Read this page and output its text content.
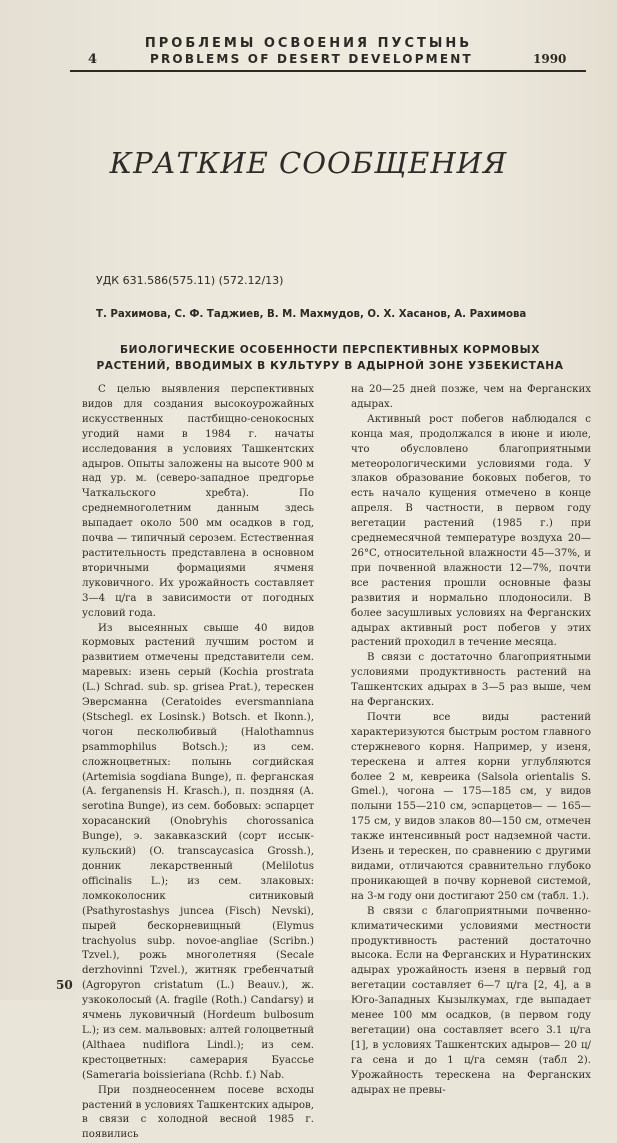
ПРОБЛЕМЫ ОСВОЕНИЯ ПУСТЫНЬ
4	PROBLEMS OF DESERT DEVELOPMENT	1990
КРАТКИЕ СООБЩЕНИЯ
УДК 631.586(575.11) (572.12/13)
Т. Рахимова, С. Ф. Таджиев, В. М. Махмудов, О. Х. Хасанов, А. Рахимова
БИОЛОГИЧЕСКИЕ ОСОБЕННОСТИ ПЕРСПЕКТИВНЫХ КОРМОВЫХ
РАСТЕНИЙ, ВВОДИМЫХ В КУЛЬТУРУ В АДЫРНОЙ ЗОНЕ УЗБЕКИСТАНА

С целью выявления перспективных видов для создания высокоурожайных искусственных пастбищно-сенокосных угодий нами в 1984 г. начаты исследования в условиях Ташкентских адыров. Опыты заложены на высоте 900 м над ур. м. (северо-западное предгорье Чаткальского хребта). По среднемноголетним данным здесь выпадает около 500 мм осадков в год, почва — типичный серозем. Естественная растительность представлена в основном вторичными формациями ячменя луковичного. Их урожайность составляет 3—4 ц/га в зависимости от погодных условий года.

Из высеянных свыше 40 видов кормовых растений лучшим ростом и развитием отмечены представители сем. маревых: изень серый (Kochia prostrata (L.) Schrad. sub. sp. grisea Prat.), терескен Эверсманна (Ceratoides eversmanniana (Stschegl. ex Losinsk.) Botsch. et Ikonn.), чогон песколюбивый (Halothamnus psammophilus Botsch.); из сем. сложноцветных: полынь согдийская (Artemisia sogdiana Bunge), п. ферганская (A. ferganensis H. Krasch.), п. поздняя (A. serotina Bunge), из сем. бобовых: эспарцет хорасанский (Onobryhis chorossanica Bunge), э. закавказский (сорт иссык-кульский) (O. transcaycasica Grossh.), донник лекарственный (Melilotus officinalis L.); из сем. злаковых: ломкоколосник ситниковый (Psathyrostashys juncea (Fisch) Nevski), пырей бескорневищный (Elymus trachyolus subp. novoe-angliae (Scribn.) Tzvel.), рожь многолетняя (Secale derzhovinni Tzvel.), житняк гребенчатый (Agropyron cristatum (L.) Beauv.), ж. узкоколосый (A. fragile (Roth.) Candarsy) и ячмень луковичный (Hordeum bulbosum L.); из сем. мальвовых: алтей голоцветный (Althaea nudiflora Lindl.); из сем. крестоцветных: самерария Буассье (Sameraria boissieriana (Rchb. f.) Nab.

При позднеосеннем посеве всходы растений в условиях Ташкентских адыров, в связи с холодной весной 1985 г. появились

на 20—25 дней позже, чем на Ферганских адырах.

Активный рост побегов наблюдался с конца мая, продолжался в июне и июле, что обусловлено благоприятными метеорологическими условиями года. У злаков образование боковых побегов, то есть начало кущения отмечено в конце апреля. В частности, в первом году вегетации растений (1985 г.) при среднемесячной температуре воздуха 20—26°С, относительной влажности 45—37%, и при почвенной влажности 12—7%, почти все растения прошли основные фазы развития и нормально плодоносили. В более засушливых условиях на Ферганских адырах активный рост побегов у этих растений проходил в течение месяца.

В связи с достаточно благоприятными условиями продуктивность растений на Ташкентских адырах в 3—5 раз выше, чем на Ферганских.

Почти все виды растений характеризуются быстрым ростом главного стержневого корня. Например, у изеня, терескена и алтея корни углубляются более 2 м, кевреика (Salsola orientalis S. Gmel.), чогона — 175—185 см, у видов полыни 155—210 см, эспарцетов— — 165—175 см, у видов злаков 80—150 см, отмечен также интенсивный рост надземной части. Изень и терескен, по сравнению с другими видами, отличаются сравнительно глубоко проникающей в почву корневой системой, на 3-м году они достигают 250 см (табл. 1.).

В связи с благоприятными почвенно-климатическими условиями местности продуктивность растений достаточно высока. Если на Ферганских и Нуратинских адырах урожайность изеня в первый год вегетации составляет 6—7 ц/га [2, 4], а в Юго-Западных Кызылкумах, где выпадает менее 100 мм осадков, (в первом году вегетации) она составляет всего 3.1 ц/га [1], в условиях Ташкентских адыров— 20 ц/га сена и до 1 ц/га семян (табл 2). Урожайность терескена на Ферганских адырах не превы-

50
